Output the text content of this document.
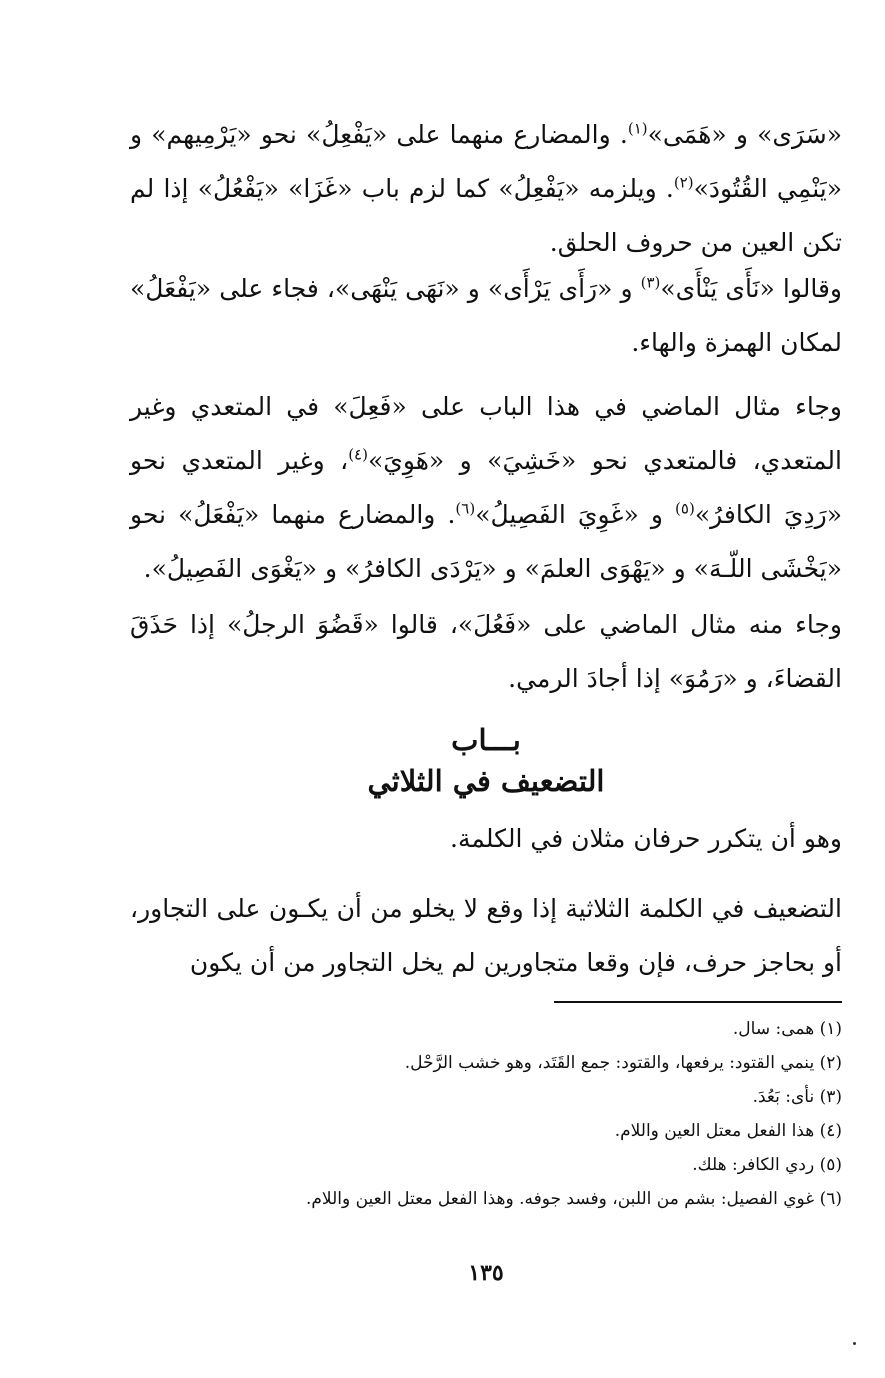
«سَرَى» و «هَمَى»$^{(١)}$. والمضارع منهما على «يَفْعِلُ» نحو «يَرْمِيهم» و «يَنْمِي القُتُودَ»$^{(٢)}$. ويلزمه «يَفْعِلُ» كما لزم باب «غَزَا» «يَفْعُلُ» إذا لم تكن العين من حروف الحلق.

وقالوا «نَأَى يَنْأَى»$^{(٣)}$ و «رَأَى يَرْأَى» و «نَهَى يَنْهَى»، فجاء على «يَفْعَلُ» لمكان الهمزة والهاء.

وجاء مثال الماضي في هذا الباب على «فَعِلَ» في المتعدي وغير المتعدي، فالمتعدي نحو «خَشِيَ» و «هَوِيَ»$^{(٤)}$، وغير المتعدي نحو «رَدِيَ الكافرُ»$^{(٥)}$ و «غَوِيَ الفَصِيلُ»$^{(٦)}$. والمضارع منهما «يَفْعَلُ» نحو «يَخْشَى اللّـهَ» و «يَهْوَى العلمَ» و «يَرْدَى الكافرُ» و «يَغْوَى الفَصِيلُ».

وجاء منه مثال الماضي على «فَعُلَ»، قالوا «قَضُوَ الرجلُ» إذا حَذَقَ القضاءَ، و «رَمُوَ» إذا أجادَ الرمي.

بـــاب

التضعيف في الثلاثي

وهو أن يتكرر حرفان مثلان في الكلمة.

التضعيف في الكلمة الثلاثية إذا وقع لا يخلو من أن يكـون على التجاور، أو بحاجز حرف، فإن وقعا متجاورين لم يخل التجاور من أن يكون

(١) همى: سال.
(٢) ينمي القتود: يرفعها، والقتود: جمع القَتَد، وهو خشب الرَّحْل.
(٣) نأى: بَعُدَ.
(٤) هذا الفعل معتل العين واللام.
(٥) ردي الكافر: هلك.
(٦) غوي الفصيل: بشم من اللبن، وفسد جوفه. وهذا الفعل معتل العين واللام.
١٣٥
